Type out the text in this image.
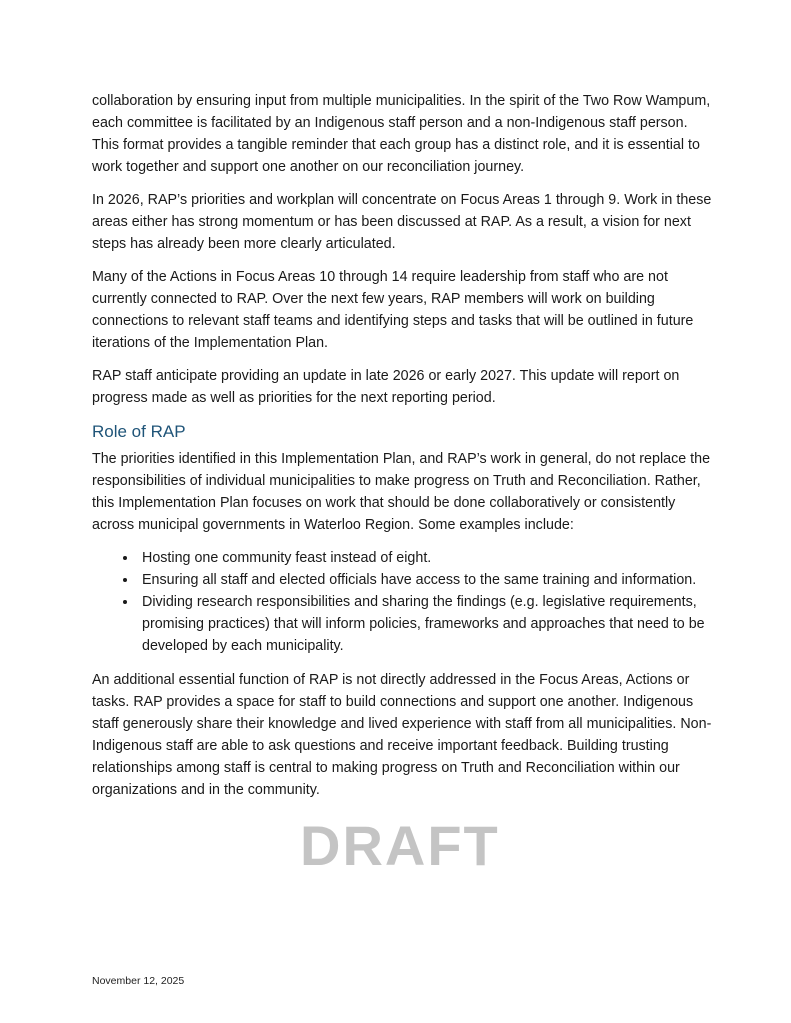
collaboration by ensuring input from multiple municipalities. In the spirit of the Two Row Wampum, each committee is facilitated by an Indigenous staff person and a non-Indigenous staff person. This format provides a tangible reminder that each group has a distinct role, and it is essential to work together and support one another on our reconciliation journey.

In 2026, RAP’s priorities and workplan will concentrate on Focus Areas 1 through 9. Work in these areas either has strong momentum or has been discussed at RAP. As a result, a vision for next steps has already been more clearly articulated.

Many of the Actions in Focus Areas 10 through 14 require leadership from staff who are not currently connected to RAP. Over the next few years, RAP members will work on building connections to relevant staff teams and identifying steps and tasks that will be outlined in future iterations of the Implementation Plan.

RAP staff anticipate providing an update in late 2026 or early 2027. This update will report on progress made as well as priorities for the next reporting period.

Role of RAP

The priorities identified in this Implementation Plan, and RAP’s work in general, do not replace the responsibilities of individual municipalities to make progress on Truth and Reconciliation. Rather, this Implementation Plan focuses on work that should be done collaboratively or consistently across municipal governments in Waterloo Region. Some examples include:

• Hosting one community feast instead of eight.
• Ensuring all staff and elected officials have access to the same training and information.
• Dividing research responsibilities and sharing the findings (e.g. legislative requirements, promising practices) that will inform policies, frameworks and approaches that need to be developed by each municipality.

An additional essential function of RAP is not directly addressed in the Focus Areas, Actions or tasks. RAP provides a space for staff to build connections and support one another. Indigenous staff generously share their knowledge and lived experience with staff from all municipalities. Non-Indigenous staff are able to ask questions and receive important feedback. Building trusting relationships among staff is central to making progress on Truth and Reconciliation within our organizations and in the community.

DRAFT
November 12, 2025
